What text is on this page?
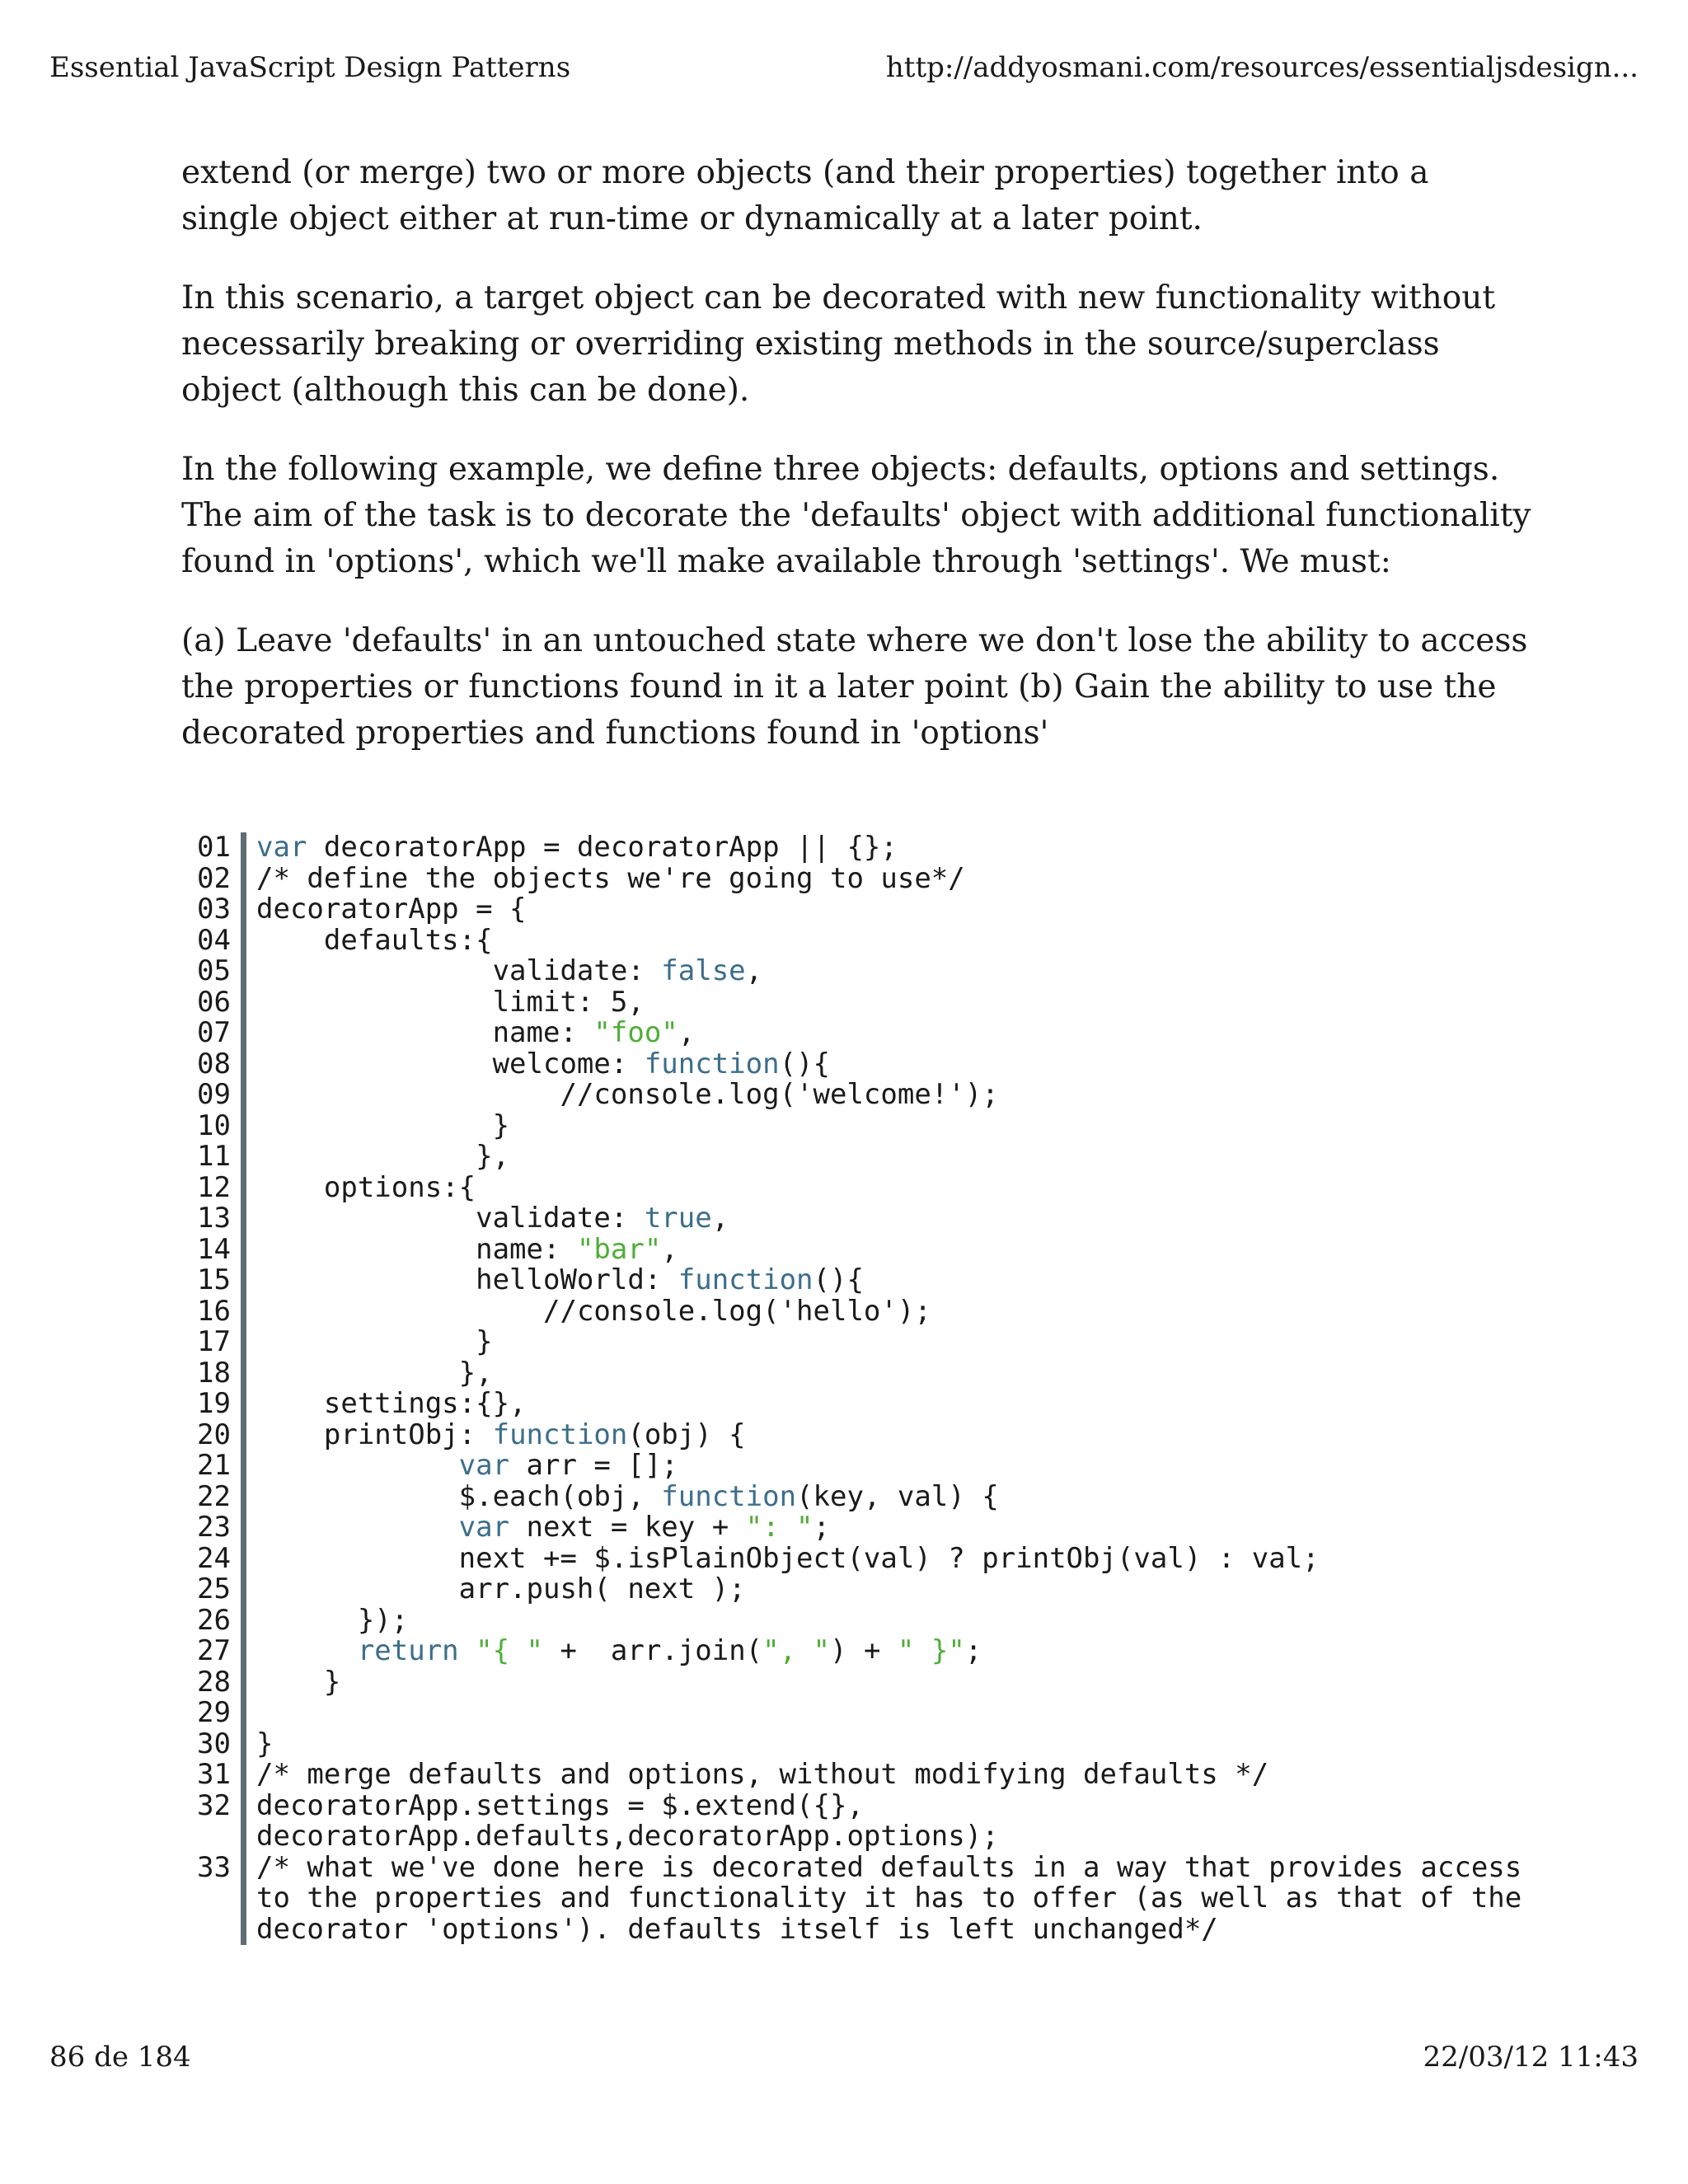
Essential JavaScript Design Patterns	http://addyosmani.com/resources/essentialjsdesign...

extend (or merge) two or more objects (and their properties) together into a single object either at run-time or dynamically at a later point.

In this scenario, a target object can be decorated with new functionality without necessarily breaking or overriding existing methods in the source/superclass object (although this can be done).

In the following example, we define three objects: defaults, options and settings. The aim of the task is to decorate the 'defaults' object with additional functionality found in 'options', which we'll make available through 'settings'. We must:

(a) Leave 'defaults' in an untouched state where we don't lose the ability to access the properties or functions found in it a later point (b) Gain the ability to use the decorated properties and functions found in 'options'

01 var decoratorApp = decoratorApp || {};
02 /* define the objects we're going to use*/
03 decoratorApp = {
04 defaults:{
05 validate: false,
06 limit: 5,
07 name: "foo",
08 welcome: function(){
09 //console.log('welcome!');
10 }
11 },
12 options:{
13 validate: true,
14 name: "bar",
15 helloWorld: function(){
16 //console.log('hello');
17 }
18 },
19 settings:{},
20 printObj: function(obj) {
21	var arr = [];
22 $.each(obj, function(key, val) {
23	var next = key + ": ";
24 next += $.isPlainObject(val) ? printObj(val) : val;
25 arr.push( next );
26 });
27	return "{ " +  arr.join(", ") + " }";
28 }
29
30 }
31 /* merge defaults and options, without modifying defaults */
32 decoratorApp.settings = $.extend({}, decoratorApp.defaults,decoratorApp.options);
33 /* what we've done here is decorated defaults in a way that provides access to the properties and functionality it has to offer (as well as that of the decorator 'options'). defaults itself is left unchanged*/
86 de 184	22/03/12 11:43
